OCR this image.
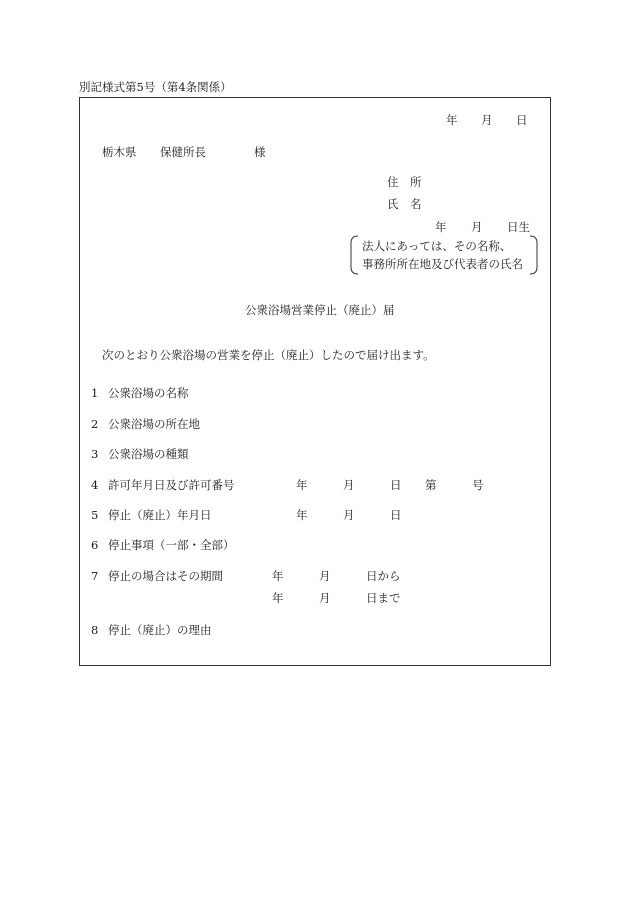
別記様式第5号（第4条関係）
年 月 日
栃木県 保健所長	様
住　所
氏　名
年 月 日生
法人にあっては、その名称、
事務所所在地及び代表者の氏名
公衆浴場営業停止（廃止）届
次のとおり公衆浴場の営業を停止（廃止）したので届け出ます。
1 公衆浴場の名称
2 公衆浴場の所在地
3 公衆浴場の種類
4 許可年月日及び許可番号	年	月	日 第	号
5 停止（廃止）年月日	年	月	日
6 停止事項（一部・全部）
7 停止の場合はその期間	年	月	日から
年	月	日まで
8 停止（廃止）の理由
